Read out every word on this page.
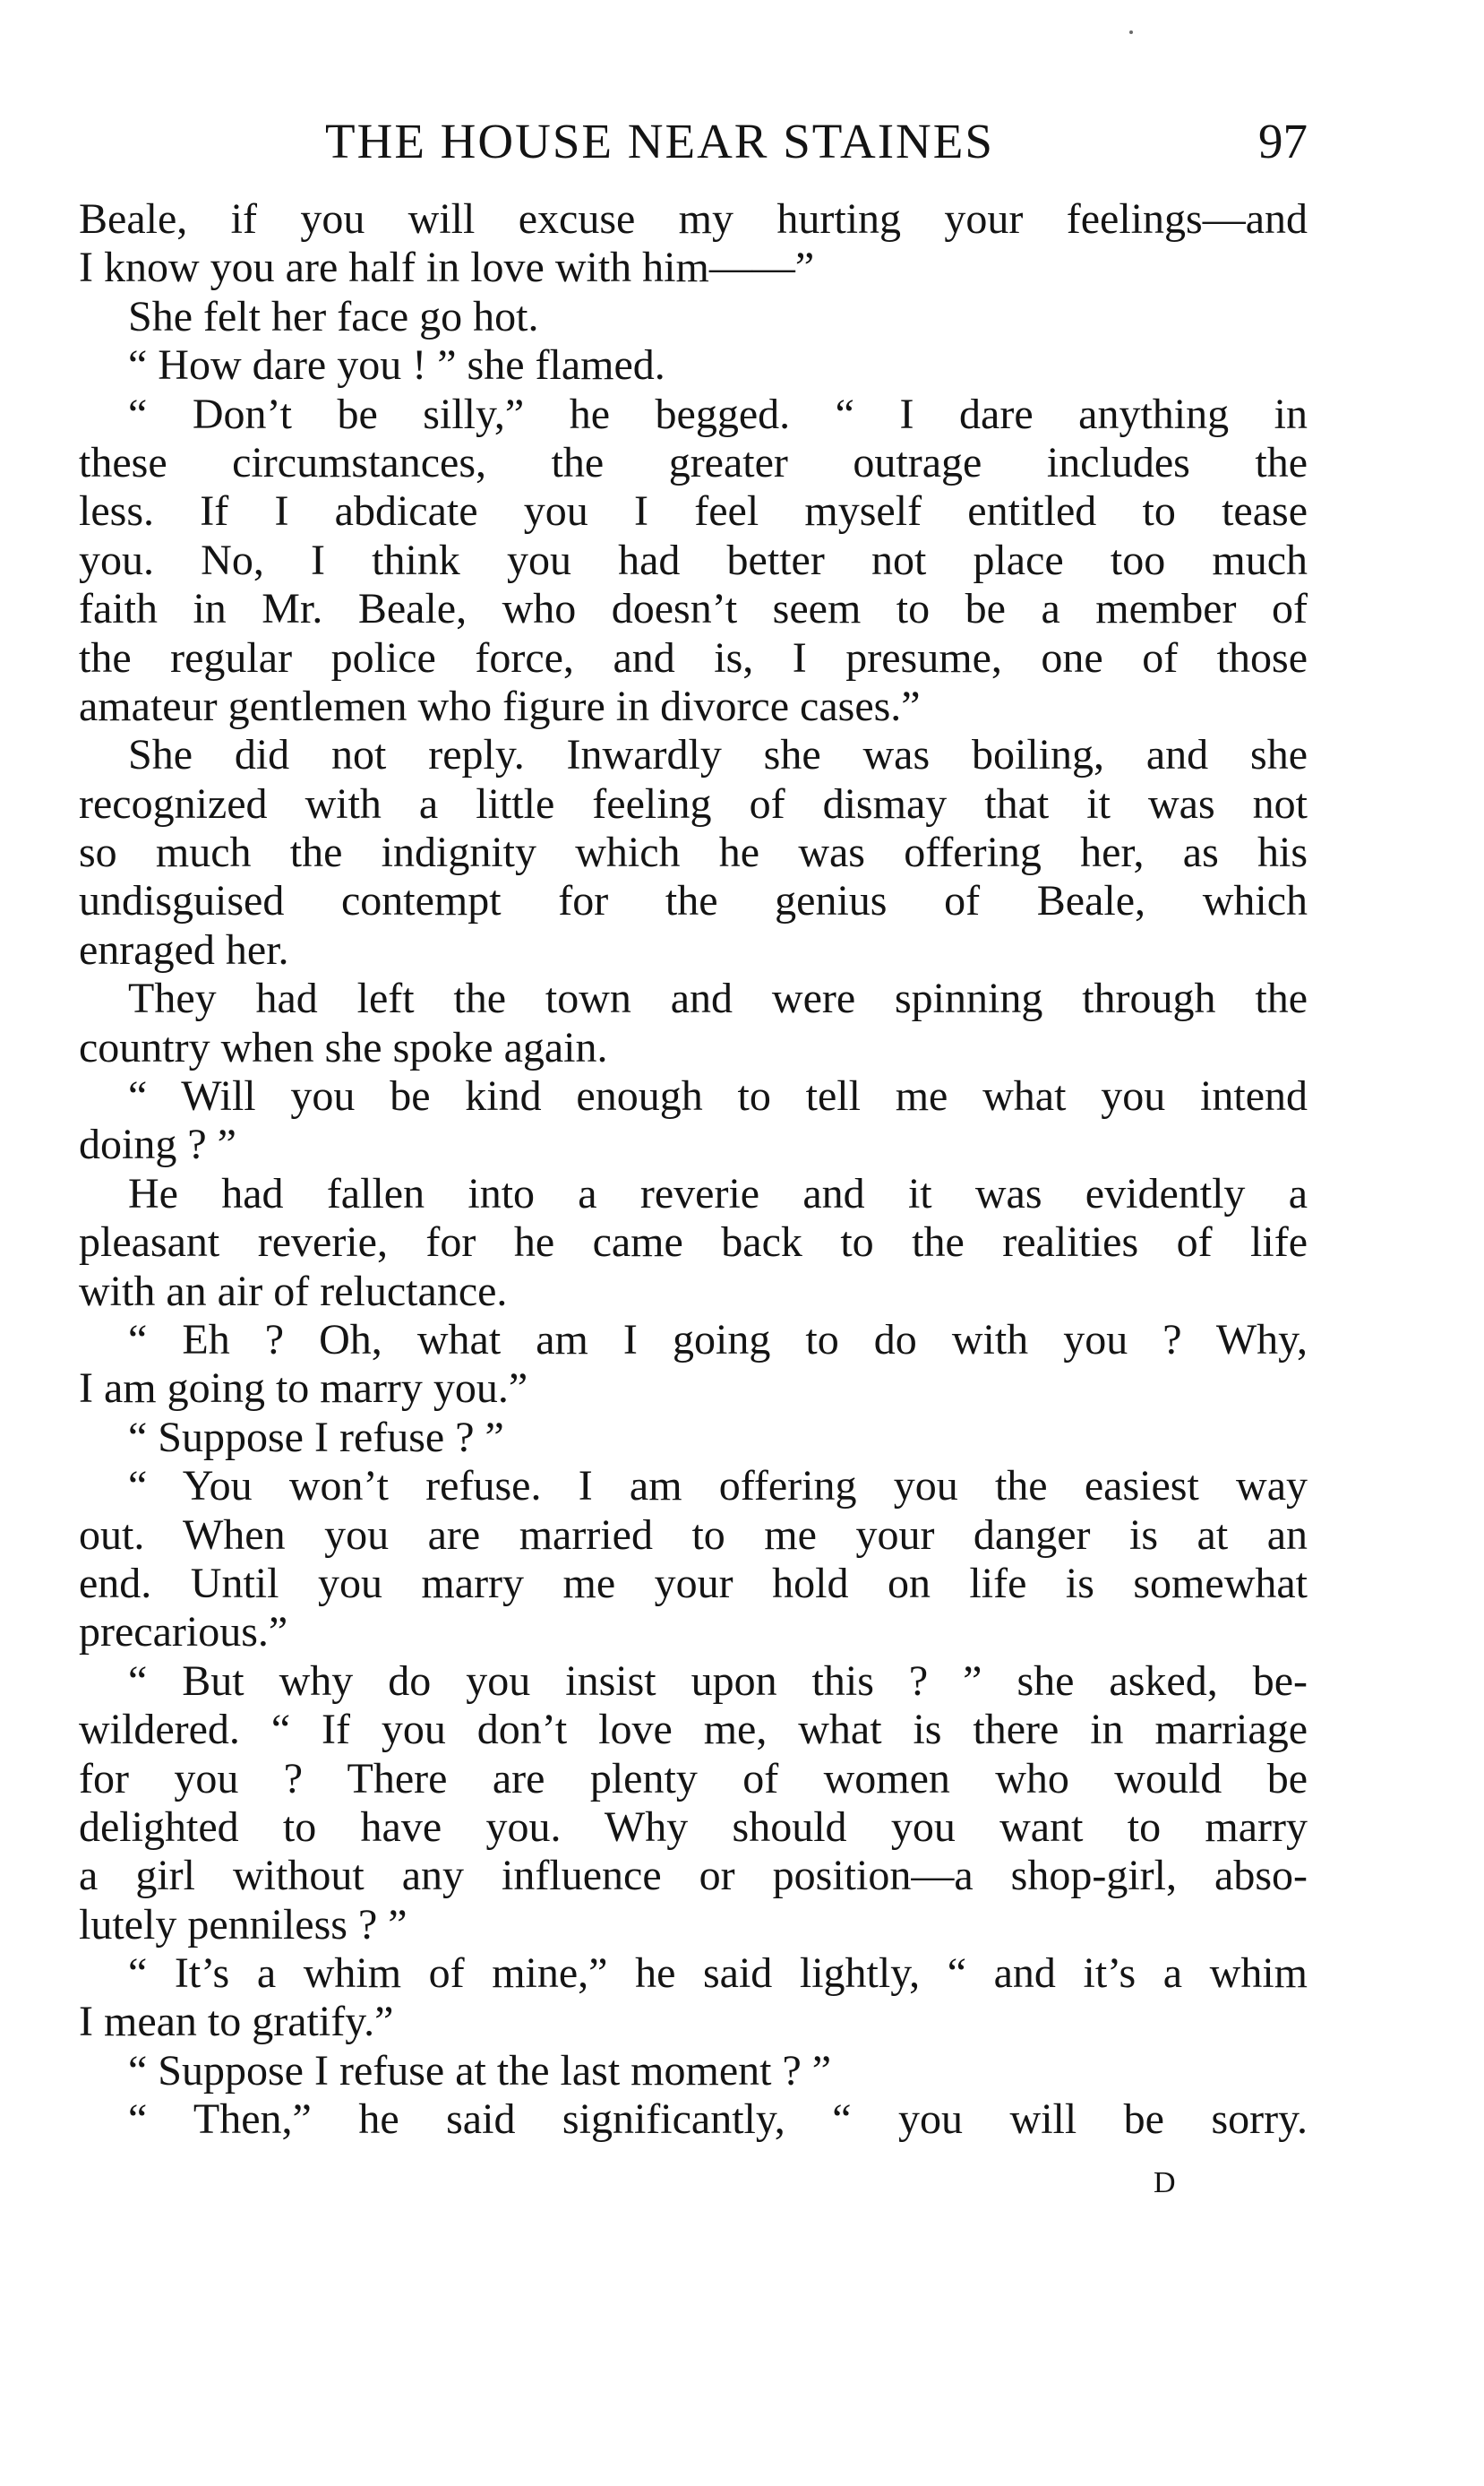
THE HOUSE NEAR STAINES	97
Beale, if you will excuse my hurting your feelings—and
I know you are half in love with him——”
She felt her face go hot.
“ How dare you ! ” she flamed.
“ Don’t be silly,” he begged. “ I dare anything in
these circumstances, the greater outrage includes the
less. If I abdicate you I feel myself entitled to tease
you. No, I think you had better not place too much
faith in Mr. Beale, who doesn’t seem to be a member of
the regular police force, and is, I presume, one of those
amateur gentlemen who figure in divorce cases.”
She did not reply. Inwardly she was boiling, and she
recognized with a little feeling of dismay that it was not
so much the indignity which he was offering her, as his
undisguised contempt for the genius of Beale, which
enraged her.
They had left the town and were spinning through the
country when she spoke again.
“ Will you be kind enough to tell me what you intend
doing ? ”
He had fallen into a reverie and it was evidently a
pleasant reverie, for he came back to the realities of life
with an air of reluctance.
“ Eh ? Oh, what am I going to do with you ? Why,
I am going to marry you.”
“ Suppose I refuse ? ”
“ You won’t refuse. I am offering you the easiest way
out. When you are married to me your danger is at an
end. Until you marry me your hold on life is somewhat
precarious.”
“ But why do you insist upon this ? ” she asked, be-
wildered. “ If you don’t love me, what is there in marriage
for you ? There are plenty of women who would be
delighted to have you. Why should you want to marry
a girl without any influence or position—a shop-girl, abso-
lutely penniless ? ”
“ It’s a whim of mine,” he said lightly, “ and it’s a whim
I mean to gratify.”
“ Suppose I refuse at the last moment ? ”
“ Then,” he said significantly, “ you will be sorry.
D
